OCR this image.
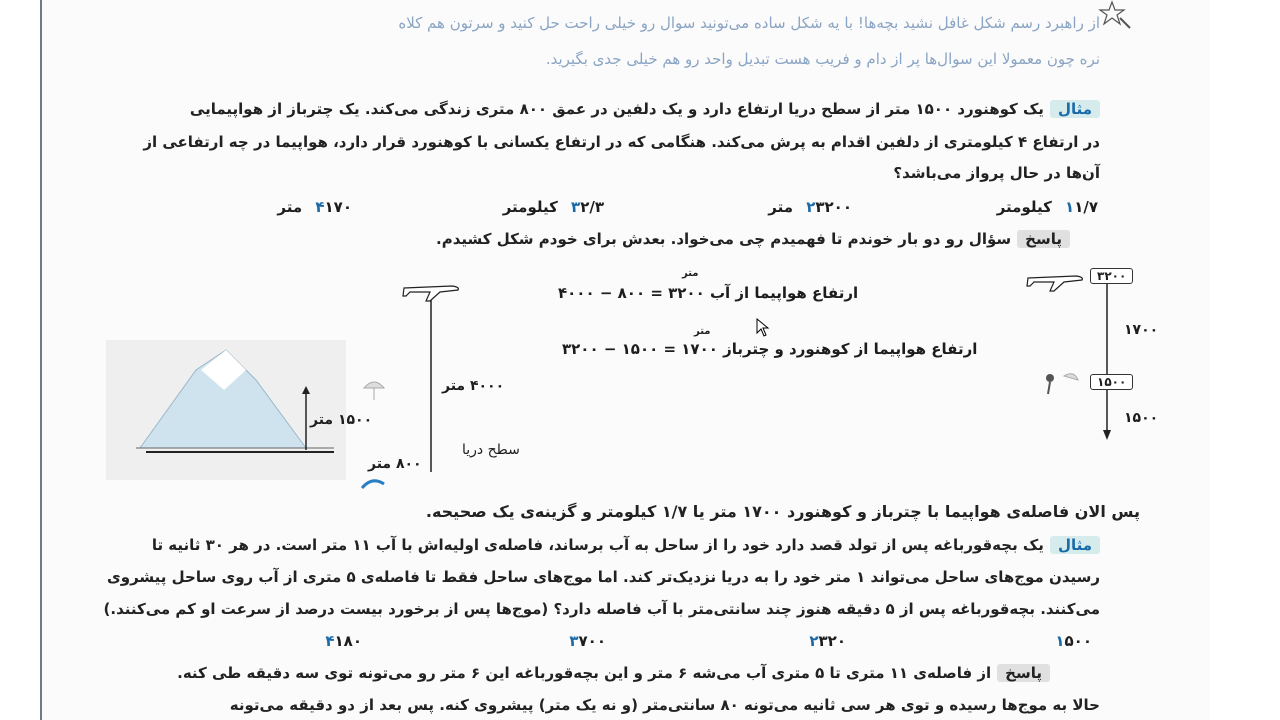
از راهبرد رسم شکل غافل نشید بچه‌ها! با یه شکل ساده می‌تونید سوال رو خیلی راحت حل کنید و سرتون هم کلاه
نره چون معمولا این سوال‌ها پر از دام و فریب هست تبدیل واحد رو هم خیلی جدی بگیرید.
مثالیک کوهنورد ۱۵۰۰ متر از سطح دریا ارتفاع دارد و یک دلفین در عمق ۸۰۰ متری زندگی می‌کند. یک چترباز از هواپیمایی
در ارتفاع ۴ کیلومتری از دلفین اقدام به پرش می‌کند. هنگامی که در ارتفاع یکسانی با کوهنورد قرار دارد، هواپیما در چه ارتفاعی از
آن‌ها در حال پرواز می‌باشد؟
۱۱/۷ کیلومتر
۲۳۲۰۰ متر
۳۲/۳ کیلومتر
۴۱۷۰ متر
پاسخسؤال رو دو بار خوندم تا فهمیدم چی می‌خواد. بعدش برای خودم شکل کشیدم.
۱۵۰۰ متر
۴۰۰۰ متر
سطح دریا
۸۰۰ متر
متر
ارتفاع هواپیما از آب ۳۲۰۰ = ۸۰۰ − ۴۰۰۰
متر
ارتفاع هواپیما از کوهنورد و چترباز ۱۷۰۰ = ۱۵۰۰ − ۳۲۰۰
۳۲۰۰
۱۵۰۰
۱۷۰۰
۱۵۰۰
پس الان فاصله‌ی هواپیما با چترباز و کوهنورد ۱۷۰۰ متر یا ۱/۷ کیلومتر و گزینه‌ی یک صحیحه.
مثالیک بچه‌قورباغه پس از تولد قصد دارد خود را از ساحل به آب برساند، فاصله‌ی اولیه‌اش با آب ۱۱ متر است. در هر ۳۰ ثانیه تا
رسیدن موج‌های ساحل می‌تواند ۱ متر خود را به دریا نزدیک‌تر کند. اما موج‌های ساحل فقط تا فاصله‌ی ۵ متری از آب روی ساحل پیشروی
می‌کنند. بچه‌قورباغه پس از ۵ دقیقه هنوز چند سانتی‌متر با آب فاصله دارد؟ (موج‌ها پس از برخورد بیست درصد از سرعت او کم می‌کنند.)
۱۵۰۰
۲۳۲۰
۳۷۰۰
۴۱۸۰
پاسخاز فاصله‌ی ۱۱ متری تا ۵ متری آب می‌شه ۶ متر و این بچه‌قورباغه این ۶ متر رو می‌تونه توی سه دقیقه طی کنه.
حالا به موج‌ها رسیده و توی هر سی ثانیه می‌تونه ۸۰ سانتی‌متر (و نه یک متر) پیشروی کنه. پس بعد از دو دقیقه می‌تونه
